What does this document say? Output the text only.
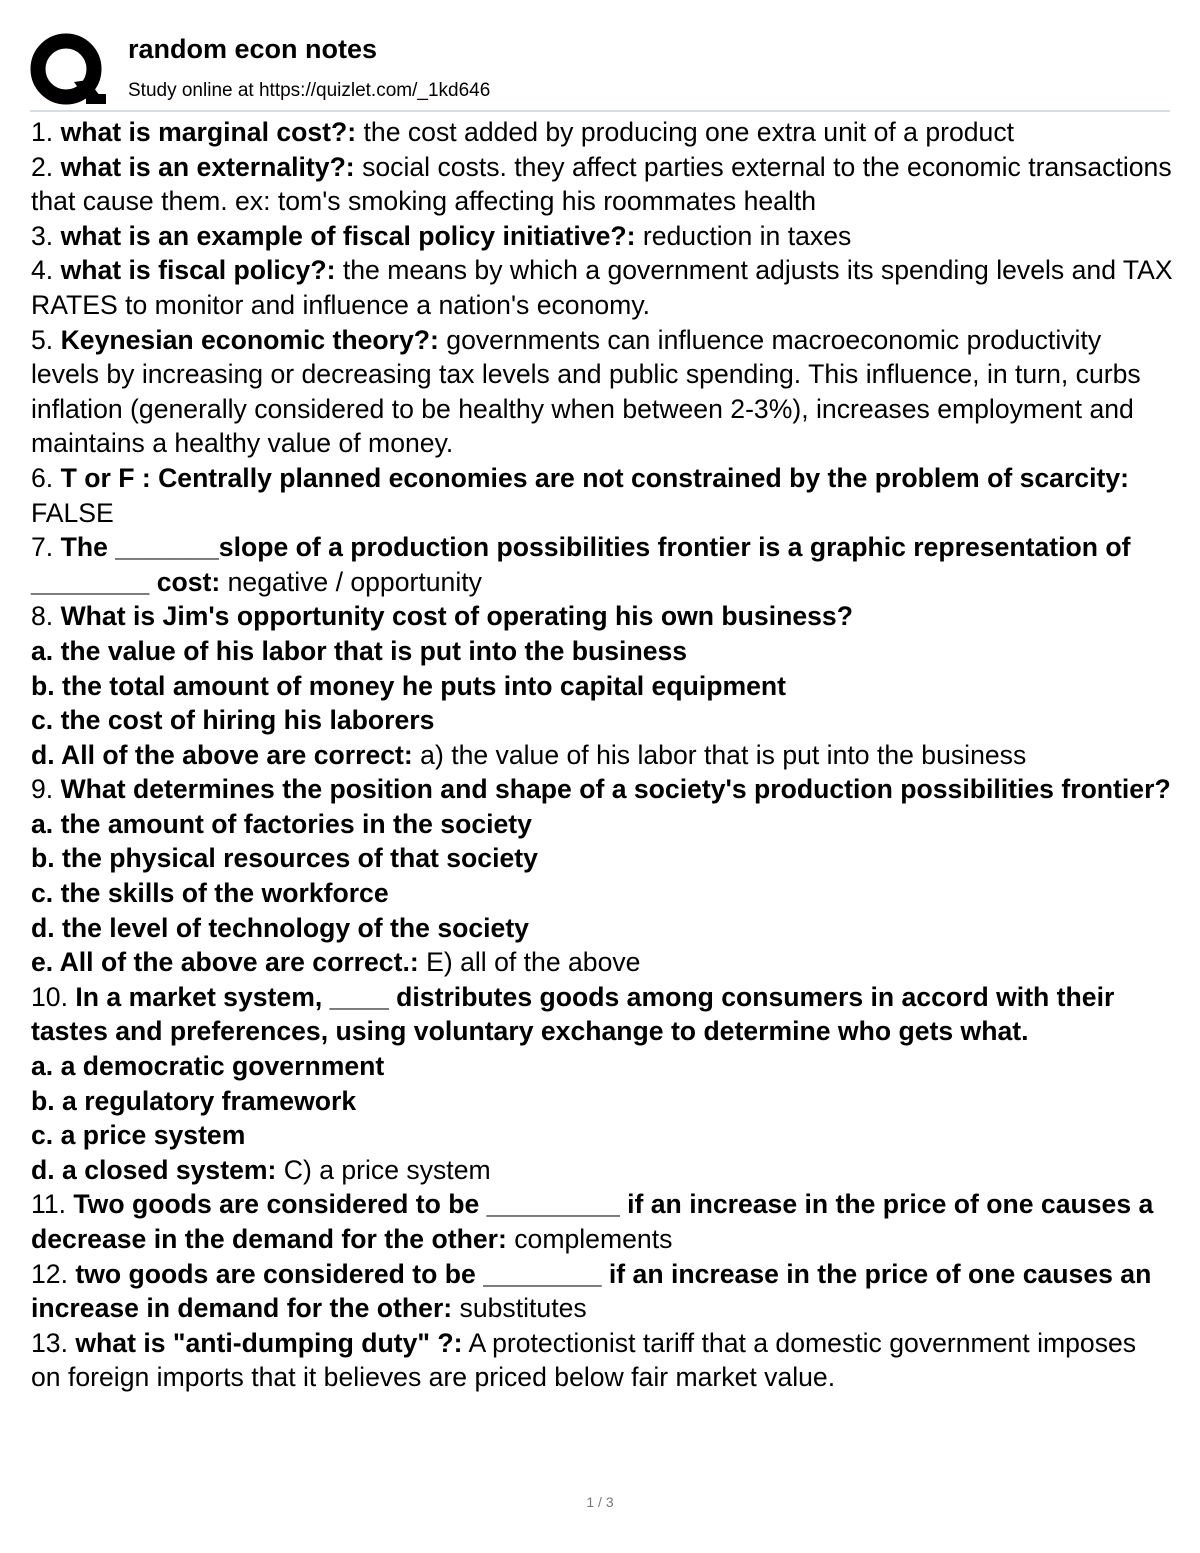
random econ notes
Study online at https://quizlet.com/_1kd646

1. what is marginal cost?: the cost added by producing one extra unit of a product

2. what is an externality?: social costs. they affect parties external to the economic transactions that cause them. ex: tom's smoking affecting his roommates health

3. what is an example of fiscal policy initiative?: reduction in taxes

4. what is fiscal policy?: the means by which a government adjusts its spending levels and TAX RATES to monitor and influence a nation's economy.

5. Keynesian economic theory?: governments can influence macroeconomic productivity levels by increasing or decreasing tax levels and public spending. This influence, in turn, curbs inflation (generally considered to be healthy when between 2-3%), increases employment and maintains a healthy value of money.

6. T or F : Centrally planned economies are not constrained by the problem of scarcity: FALSE

7. The _______slope of a production possibilities frontier is a graphic representation of ________ cost: negative / opportunity

8. What is Jim's opportunity cost of operating his own business?
a. the value of his labor that is put into the business
b. the total amount of money he puts into capital equipment
c. the cost of hiring his laborers
d. All of the above are correct: a) the value of his labor that is put into the business
9. What determines the position and shape of a society's production possibilities frontier?
a. the amount of factories in the society
b. the physical resources of that society
c. the skills of the workforce
d. the level of technology of the society
e. All of the above are correct.: E) all of the above
10. In a market system, ____ distributes goods among consumers in accord with their tastes and preferences, using voluntary exchange to determine who gets what.
a. a democratic government
b. a regulatory framework
c. a price system
d. a closed system: C) a price system

11. Two goods are considered to be _________ if an increase in the price of one causes a decrease in the demand for the other: complements

12. two goods are considered to be ________ if an increase in the price of one causes an increase in demand for the other: substitutes

13. what is "anti-dumping duty" ?: A protectionist tariff that a domestic government imposes on foreign imports that it believes are priced below fair market value.

1 / 3
